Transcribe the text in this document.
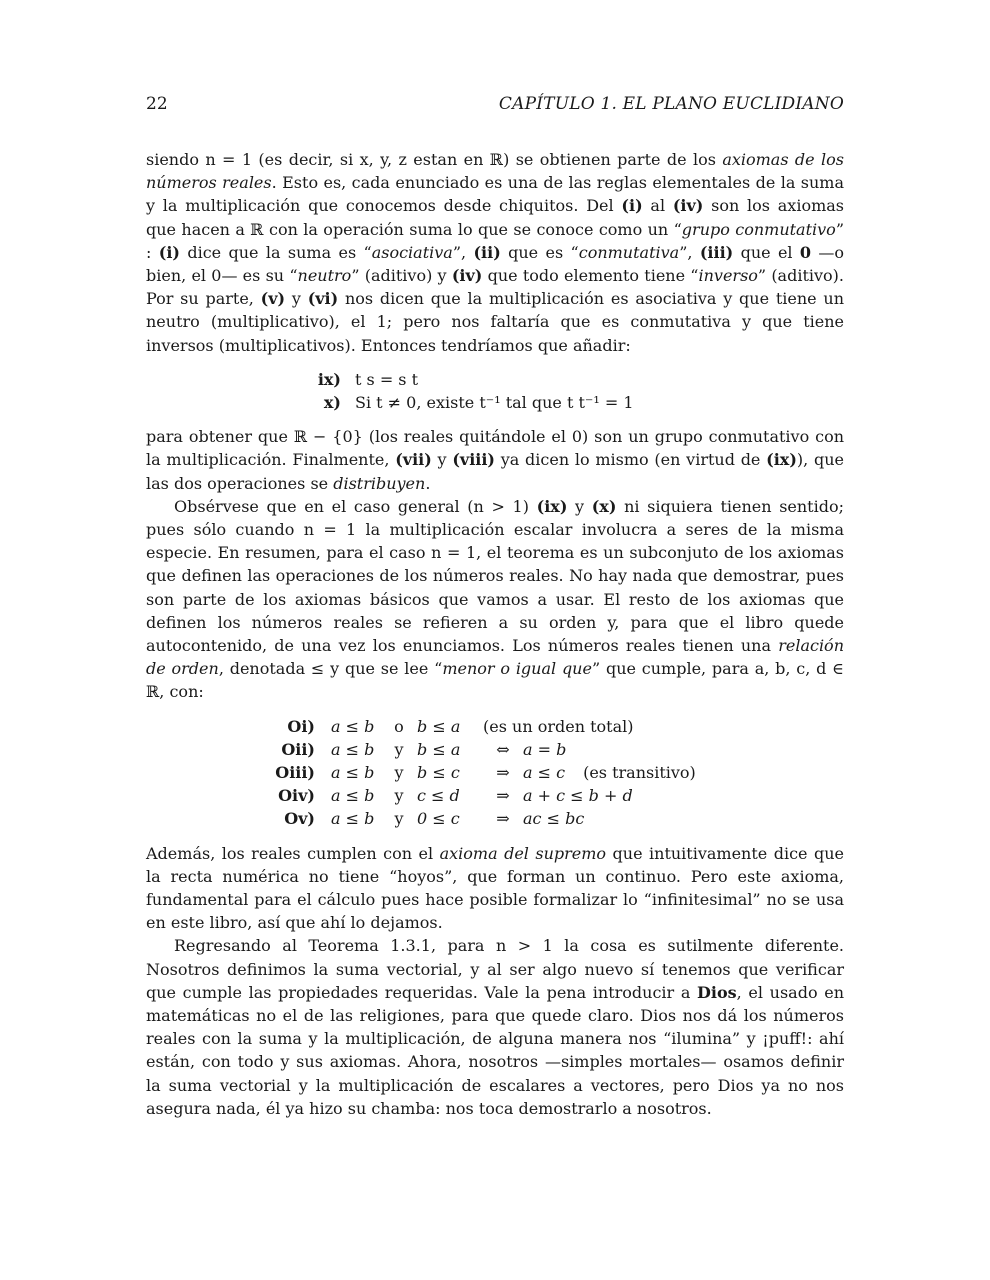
22	CAPÍTULO 1. EL PLANO EUCLIDIANO

siendo n = 1 (es decir, si x, y, z estan en ℝ) se obtienen parte de los axiomas de los números reales. Esto es, cada enunciado es una de las reglas elementales de la suma y la multiplicación que conocemos desde chiquitos. Del (i) al (iv) son los axiomas que hacen a ℝ con la operación suma lo que se conoce como un “grupo conmutativo” : (i) dice que la suma es “asociativa”, (ii) que es “conmutativa”, (iii) que el 0 —o bien, el 0— es su “neutro” (aditivo) y (iv) que todo elemento tiene “inverso” (aditivo). Por su parte, (v) y (vi) nos dicen que la multiplicación es asociativa y que tiene un neutro (multiplicativo), el 1; pero nos faltaría que es conmutativa y que tiene inversos (multiplicativos). Entonces tendríamos que añadir:

ix) t s = s t
x) Si t ≠ 0, existe t⁻¹ tal que t t⁻¹ = 1

para obtener que ℝ − {0} (los reales quitándole el 0) son un grupo conmutativo con la multiplicación. Finalmente, (vii) y (viii) ya dicen lo mismo (en virtud de (ix)), que las dos operaciones se distribuyen.

Obsérvese que en el caso general (n > 1) (ix) y (x) ni siquiera tienen sentido; pues sólo cuando n = 1 la multiplicación escalar involucra a seres de la misma especie. En resumen, para el caso n = 1, el teorema es un subconjuto de los axiomas que definen las operaciones de los números reales. No hay nada que demostrar, pues son parte de los axiomas básicos que vamos a usar. El resto de los axiomas que definen los números reales se refieren a su orden y, para que el libro quede autocontenido, de una vez los enunciamos. Los números reales tienen una relación de orden, denotada ≤ y que se lee “menor o igual que” que cumple, para a, b, c, d ∈ ℝ, con:

Oi) a ≤ b	o b ≤ a	(es un orden total)
Oii) a ≤ b	y b ≤ a	⇔ a = b
Oiii) a ≤ b	y b ≤ c	⇒ a ≤ c (es transitivo)
Oiv) a ≤ b	y c ≤ d	⇒ a + c ≤ b + d
Ov) a ≤ b	y 0 ≤ c	⇒ ac ≤ bc

Además, los reales cumplen con el axioma del supremo que intuitivamente dice que la recta numérica no tiene “hoyos”, que forman un continuo. Pero este axioma, fundamental para el cálculo pues hace posible formalizar lo “infinitesimal” no se usa en este libro, así que ahí lo dejamos.

Regresando al Teorema 1.3.1, para n > 1 la cosa es sutilmente diferente. Nosotros definimos la suma vectorial, y al ser algo nuevo sí tenemos que verificar que cumple las propiedades requeridas. Vale la pena introducir a Dios, el usado en matemáticas no el de las religiones, para que quede claro. Dios nos dá los números reales con la suma y la multiplicación, de alguna manera nos “ilumina” y ¡puff!: ahí están, con todo y sus axiomas. Ahora, nosotros —simples mortales— osamos definir la suma vectorial y la multiplicación de escalares a vectores, pero Dios ya no nos asegura nada, él ya hizo su chamba: nos toca demostrarlo a nosotros.
